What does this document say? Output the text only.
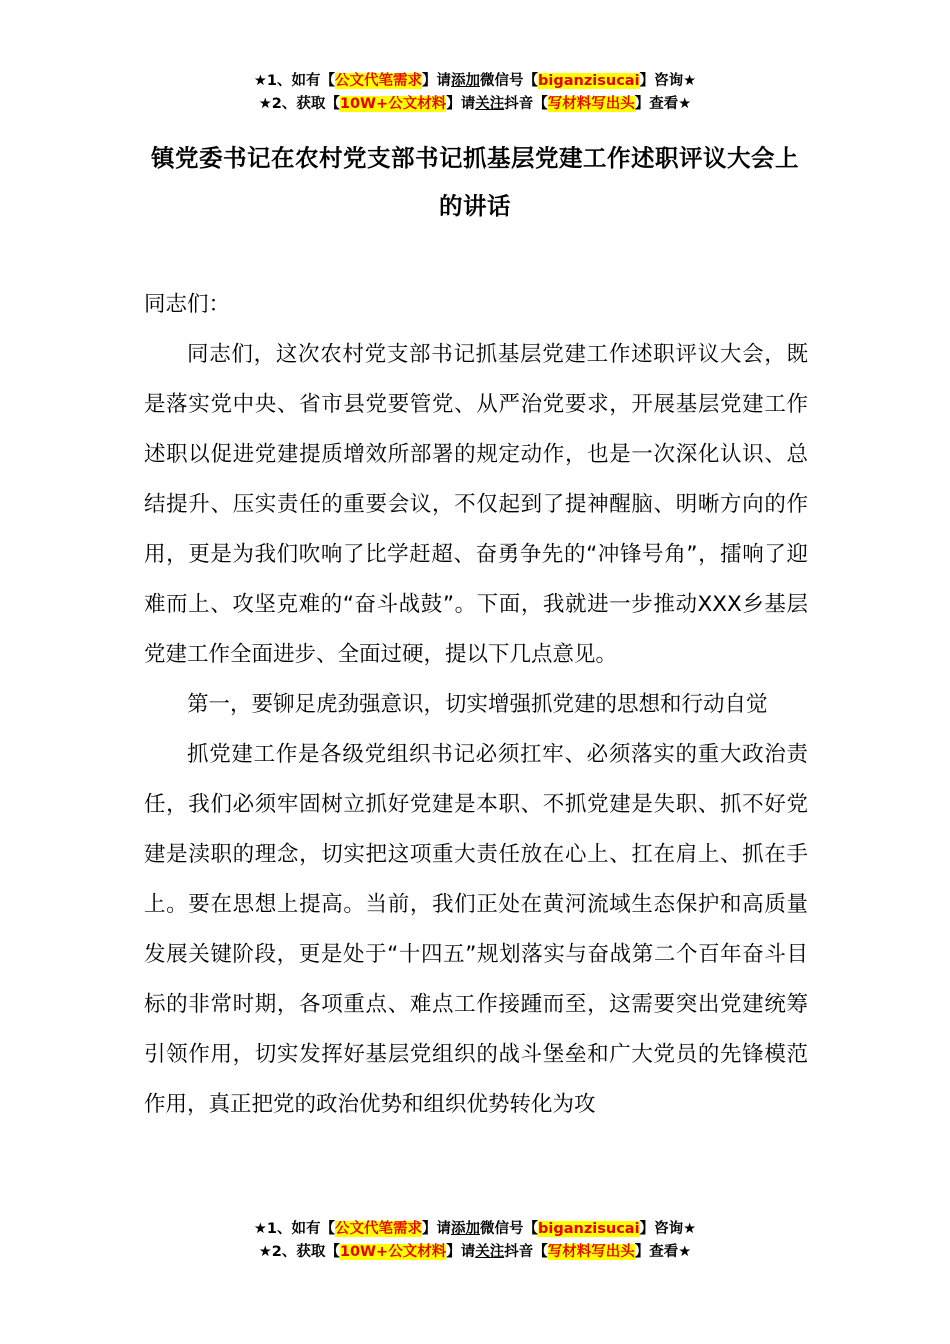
★1、如有【公文代笔需求】请添加微信号【biganzisucai】咨询★
★2、获取【10W+公文材料】请关注抖音【写材料写出头】查看★
镇党委书记在农村党支部书记抓基层党建工作述职评议大会上的讲话

同志们：

同志们，这次农村党支部书记抓基层党建工作述职评议大会，既是落实党中央、省市县党要管党、从严治党要求，开展基层党建工作述职以促进党建提质增效所部署的规定动作，也是一次深化认识、总结提升、压实责任的重要会议，不仅起到了提神醒脑、明晰方向的作用，更是为我们吹响了比学赶超、奋勇争先的“冲锋号角”，擂响了迎难而上、攻坚克难的“奋斗战鼓”。下面，我就进一步推动XXX乡基层党建工作全面进步、全面过硬，提以下几点意见。

第一，要铆足虎劲强意识，切实增强抓党建的思想和行动自觉

抓党建工作是各级党组织书记必须扛牢、必须落实的重大政治责任，我们必须牢固树立抓好党建是本职、不抓党建是失职、抓不好党建是渎职的理念，切实把这项重大责任放在心上、扛在肩上、抓在手上。要在思想上提高。当前，我们正处在黄河流域生态保护和高质量发展关键阶段，更是处于“十四五”规划落实与奋战第二个百年奋斗目标的非常时期，各项重点、难点工作接踵而至，这需要突出党建统筹引领作用，切实发挥好基层党组织的战斗堡垒和广大党员的先锋模范作用，真正把党的政治优势和组织优势转化为攻

★1、如有【公文代笔需求】请添加微信号【biganzisucai】咨询★
★2、获取【10W+公文材料】请关注抖音【写材料写出头】查看★
